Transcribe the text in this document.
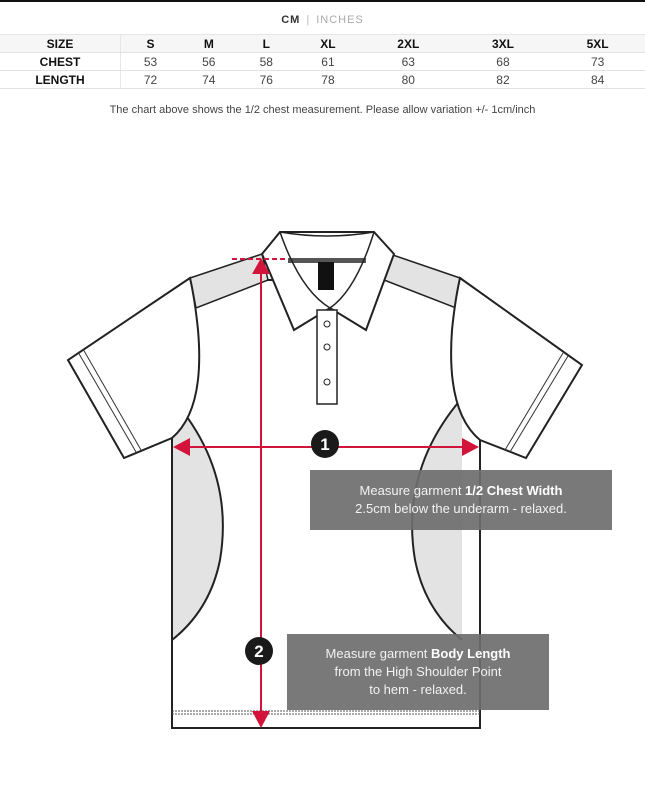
CM | INCHES
SIZE	S	M	L	XL	2XL	3XL	5XL
CHEST	53	56	58	61	63	68	73
LENGTH	72	74	76	78	80	82	84
The chart above shows the 1/2 chest measurement. Please allow variation +/- 1cm/inch
1
2
Measure garment 1/2 Chest Width
2.5cm below the underarm - relaxed.
Measure garment Body Length
from the High Shoulder Point
to hem - relaxed.
